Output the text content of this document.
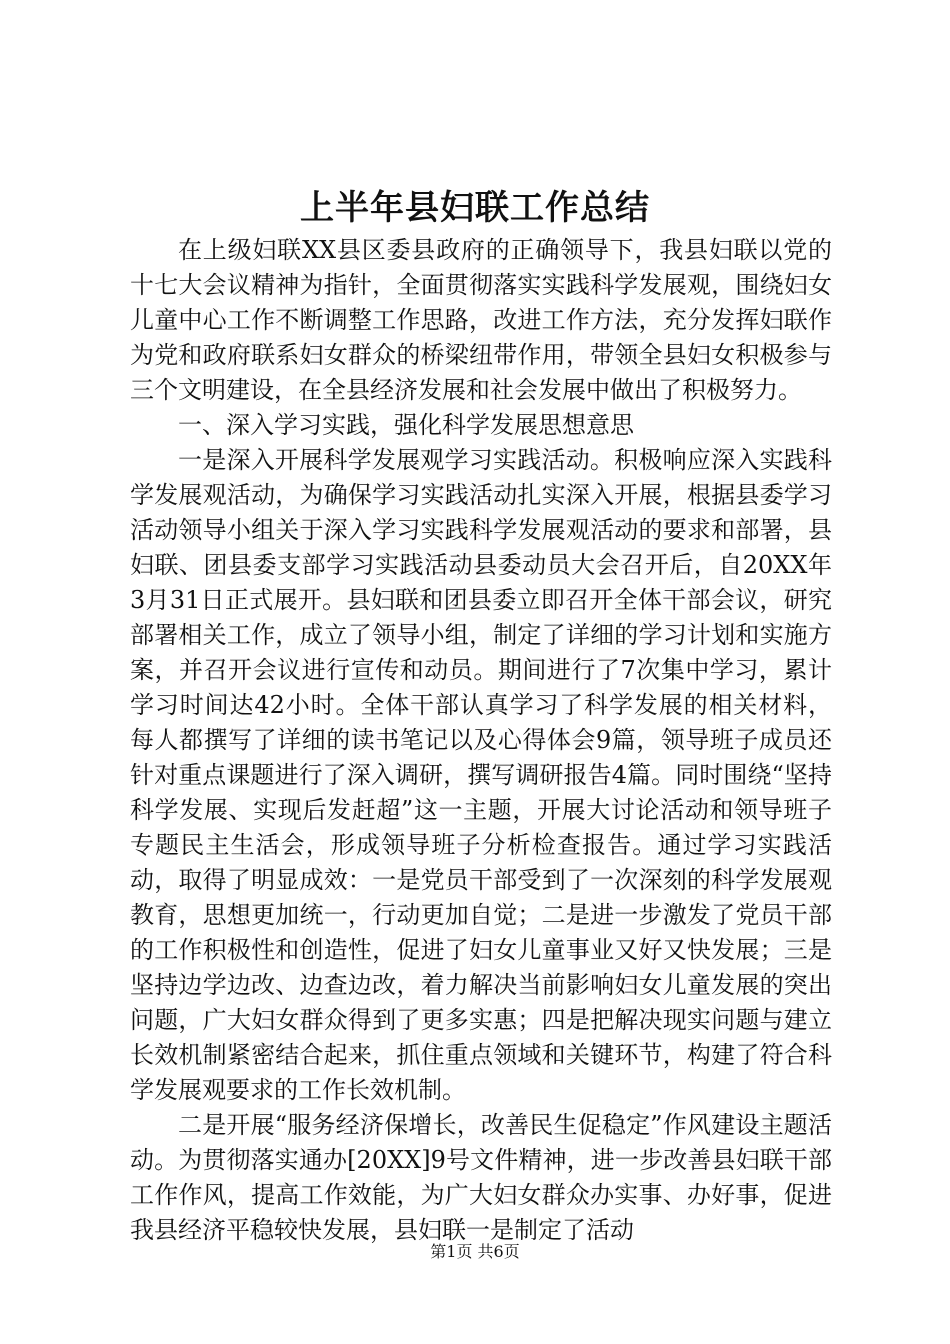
上半年县妇联工作总结

在上级妇联XX县区委县政府的正确领导下，我县妇联以党的十七大会议精神为指针，全面贯彻落实实践科学发展观，围绕妇女儿童中心工作不断调整工作思路，改进工作方法，充分发挥妇联作为党和政府联系妇女群众的桥梁纽带作用，带领全县妇女积极参与三个文明建设，在全县经济发展和社会发展中做出了积极努力。

一、深入学习实践，强化科学发展思想意思

一是深入开展科学发展观学习实践活动。积极响应深入实践科学发展观活动，为确保学习实践活动扎实深入开展，根据县委学习活动领导小组关于深入学习实践科学发展观活动的要求和部署，县妇联、团县委支部学习实践活动县委动员大会召开后，自20XX年3月31日正式展开。县妇联和团县委立即召开全体干部会议，研究部署相关工作，成立了领导小组，制定了详细的学习计划和实施方案，并召开会议进行宣传和动员。期间进行了7次集中学习，累计学习时间达42小时。全体干部认真学习了科学发展的相关材料，每人都撰写了详细的读书笔记以及心得体会9篇，领导班子成员还针对重点课题进行了深入调研，撰写调研报告4篇。同时围绕“坚持科学发展、实现后发赶超”这一主题，开展大讨论活动和领导班子专题民主生活会，形成领导班子分析检查报告。通过学习实践活动，取得了明显成效：一是党员干部受到了一次深刻的科学发展观教育，思想更加统一，行动更加自觉；二是进一步激发了党员干部的工作积极性和创造性，促进了妇女儿童事业又好又快发展；三是坚持边学边改、边查边改，着力解决当前影响妇女儿童发展的突出问题，广大妇女群众得到了更多实惠；四是把解决现实问题与建立长效机制紧密结合起来，抓住重点领域和关键环节，构建了符合科学发展观要求的工作长效机制。

二是开展“服务经济保增长，改善民生促稳定”作风建设主题活动。为贯彻落实通办[20XX]9号文件精神，进一步改善县妇联干部工作作风，提高工作效能，为广大妇女群众办实事、办好事，促进我县经济平稳较快发展，县妇联一是制定了活动

第1页 共6页
